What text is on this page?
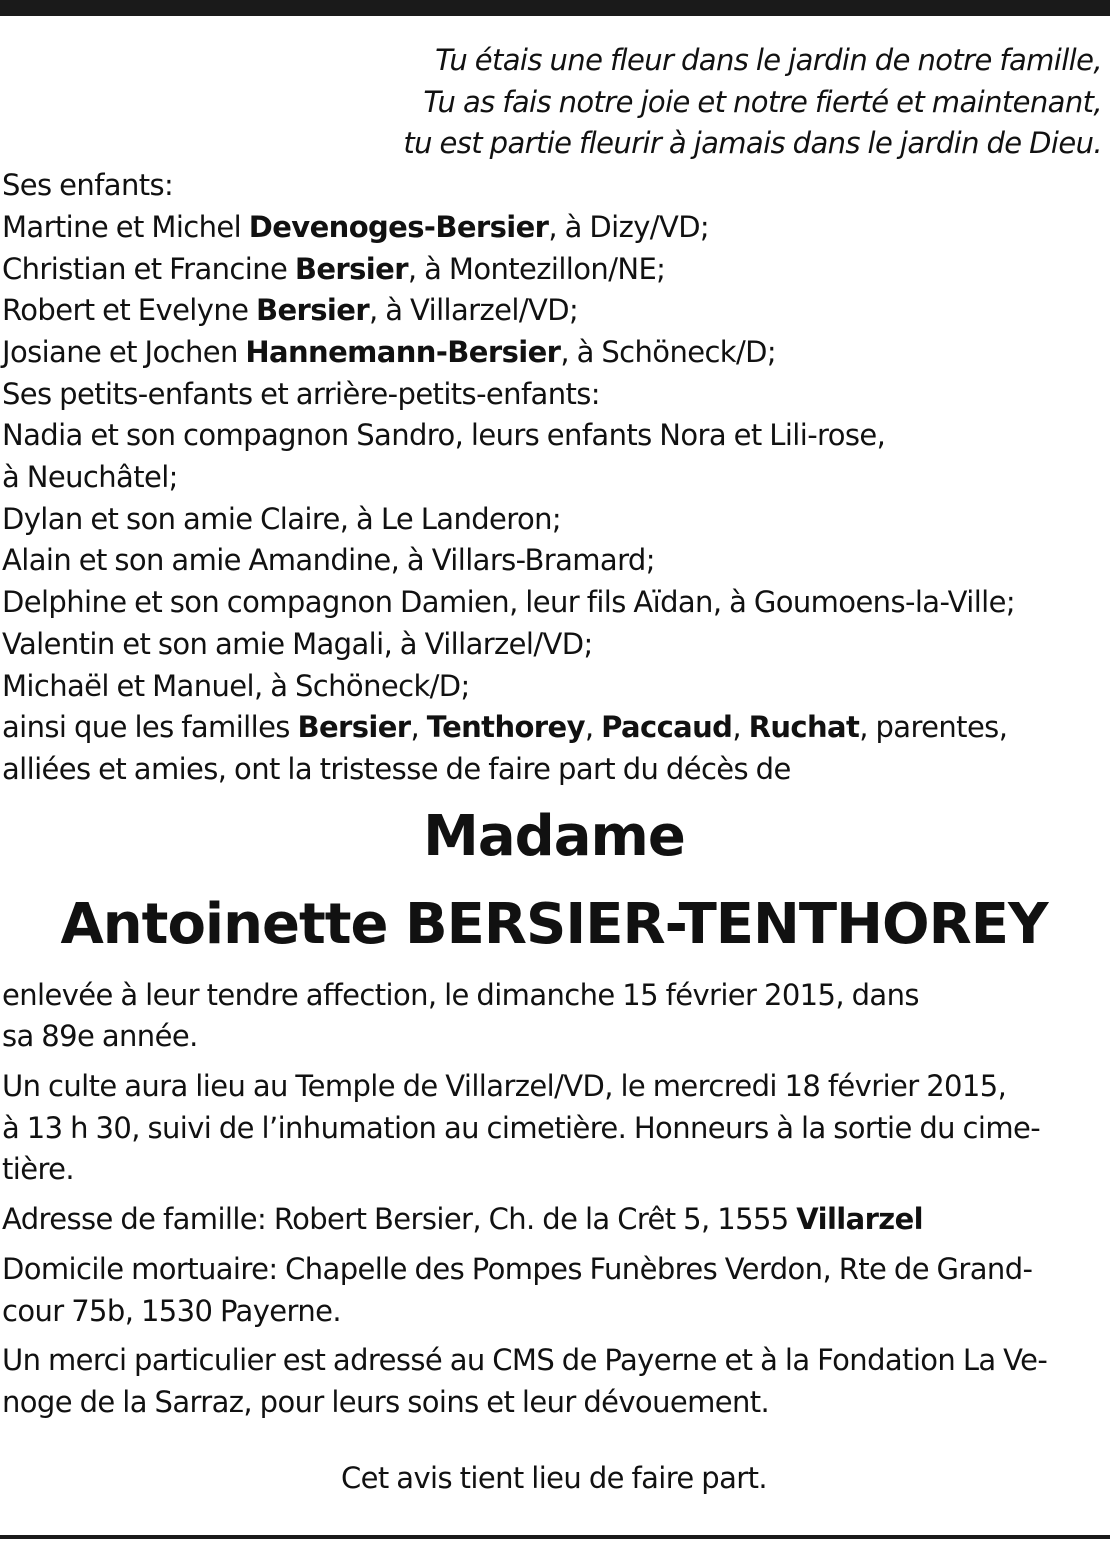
Tu étais une fleur dans le jardin de notre famille,
Tu as fais notre joie et notre fierté et maintenant,
tu est partie fleurir à jamais dans le jardin de Dieu.
Ses enfants:
Martine et Michel Devenoges-Bersier, à Dizy/VD;
Christian et Francine Bersier, à Montezillon/NE;
Robert et Evelyne Bersier, à Villarzel/VD;
Josiane et Jochen Hannemann-Bersier, à Schöneck/D;
Ses petits-enfants et arrière-petits-enfants:
Nadia et son compagnon Sandro, leurs enfants Nora et Lili-rose,
à Neuchâtel;
Dylan et son amie Claire, à Le Landeron;
Alain et son amie Amandine, à Villars-Bramard;
Delphine et son compagnon Damien, leur fils Aïdan, à Goumoens-la-Ville;
Valentin et son amie Magali, à Villarzel/VD;
Michaël et Manuel, à Schöneck/D;
ainsi que les familles Bersier, Tenthorey, Paccaud, Ruchat, parentes,
alliées et amies, ont la tristesse de faire part du décès de
Madame
Antoinette BERSIER-TENTHOREY
enlevée à leur tendre affection, le dimanche 15 février 2015, dans
sa 89e année.
Un culte aura lieu au Temple de Villarzel/VD, le mercredi 18 février 2015,
à 13 h 30, suivi de l’inhumation au cimetière. Honneurs à la sortie du cime-
tière.
Adresse de famille: Robert Bersier, Ch. de la Crêt 5, 1555 Villarzel
Domicile mortuaire: Chapelle des Pompes Funèbres Verdon, Rte de Grand-
cour 75b, 1530 Payerne.
Un merci particulier est adressé au CMS de Payerne et à la Fondation La Ve-
noge de la Sarraz, pour leurs soins et leur dévouement.
Cet avis tient lieu de faire part.
